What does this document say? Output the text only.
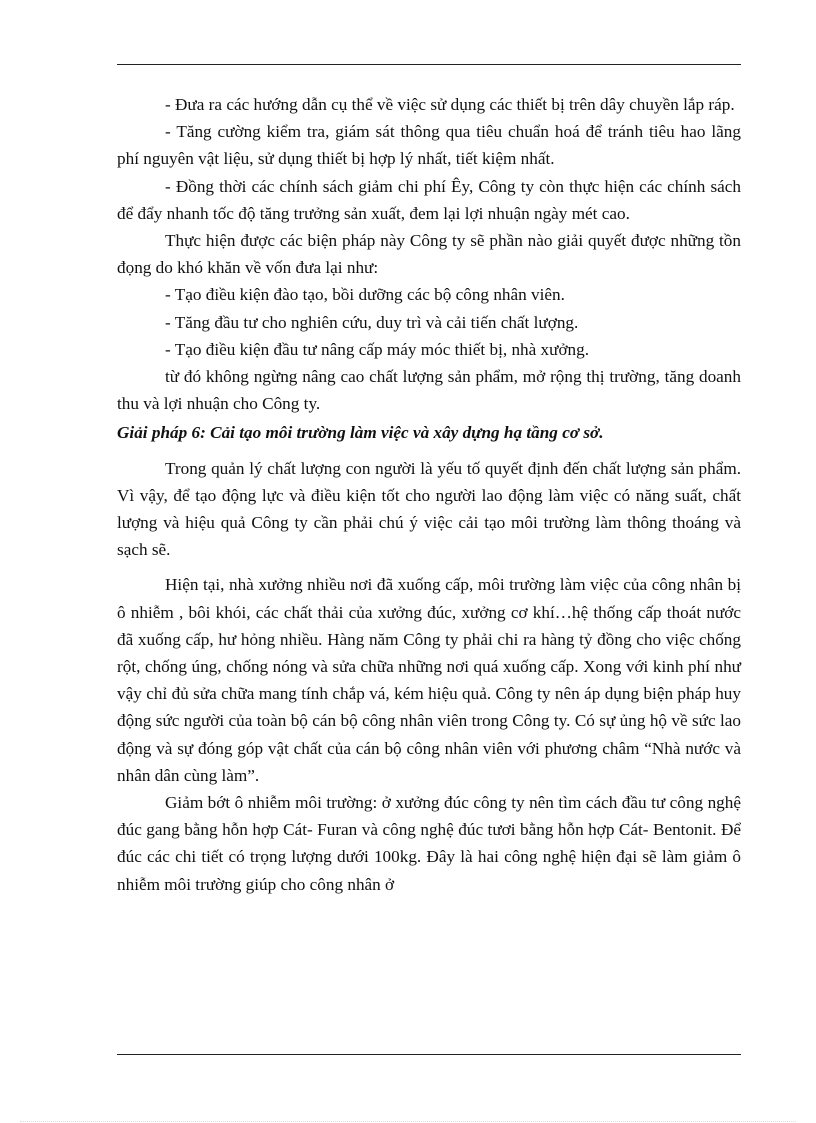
- Đưa ra các hướng dẫn cụ thể về việc sử dụng các thiết bị trên dây chuyền lắp ráp.

- Tăng cường kiểm tra, giám sát thông qua tiêu chuẩn hoá để tránh tiêu hao lãng phí nguyên vật liệu, sử dụng thiết bị hợp lý nhất, tiết kiệm nhất.

- Đồng thời các chính sách giảm chi phí Êy, Công ty còn thực hiện các chính sách để đẩy nhanh tốc độ tăng trưởng sản xuất, đem lại lợi nhuận ngày mét cao.

Thực hiện được các biện pháp này Công ty sẽ phần nào giải quyết được những tồn đọng do khó khăn về vốn đưa lại như:

- Tạo điều kiện đào tạo, bồi dưỡng các bộ công nhân viên.

- Tăng đầu tư cho nghiên cứu, duy trì và cải tiến chất lượng.

- Tạo điều kiện đầu tư nâng cấp máy móc thiết bị, nhà xưởng.

từ đó không ngừng nâng cao chất lượng sản phẩm, mở rộng thị trường, tăng doanh thu và lợi nhuận cho Công ty.

Giải pháp 6: Cải tạo môi trường làm việc và xây dựng hạ tầng cơ sở.

Trong quản lý chất lượng con người là yếu tố quyết định đến chất lượng sản phẩm. Vì vậy, để tạo động lực và điều kiện tốt cho người lao động làm việc có năng suất, chất lượng và hiệu quả Công ty cần phải chú ý việc cải tạo môi trường làm thông thoáng và sạch sẽ.

Hiện tại, nhà xưởng nhiều nơi đã xuống cấp, môi trường làm việc của công nhân bị ô nhiễm , bôi khói, các chất thải của xưởng đúc, xưởng cơ khí…hệ thống cấp thoát nước đã xuống cấp, hư hỏng nhiều. Hàng năm Công ty phải chi ra hàng tỷ đồng cho việc chống rột, chống úng, chống nóng và sửa chữa những nơi quá xuống cấp. Xong với kinh phí như vậy chỉ đủ sửa chữa mang tính chắp vá, kém hiệu quả. Công ty nên áp dụng biện pháp huy động sức người của toàn bộ cán bộ công nhân viên trong Công ty. Có sự ủng hộ về sức lao động và sự đóng góp vật chất của cán bộ công nhân viên với phương châm “Nhà nước và nhân dân cùng làm”.

Giảm bớt ô nhiễm môi trường: ở xưởng đúc công ty nên tìm cách đầu tư công nghệ đúc gang bằng hỗn hợp Cát- Furan và công nghệ đúc tươi bằng hỗn hợp Cát- Bentonit. Để đúc các chi tiết có trọng lượng dưới 100kg. Đây là hai công nghệ hiện đại sẽ làm giảm ô nhiễm môi trường giúp cho công nhân ở
